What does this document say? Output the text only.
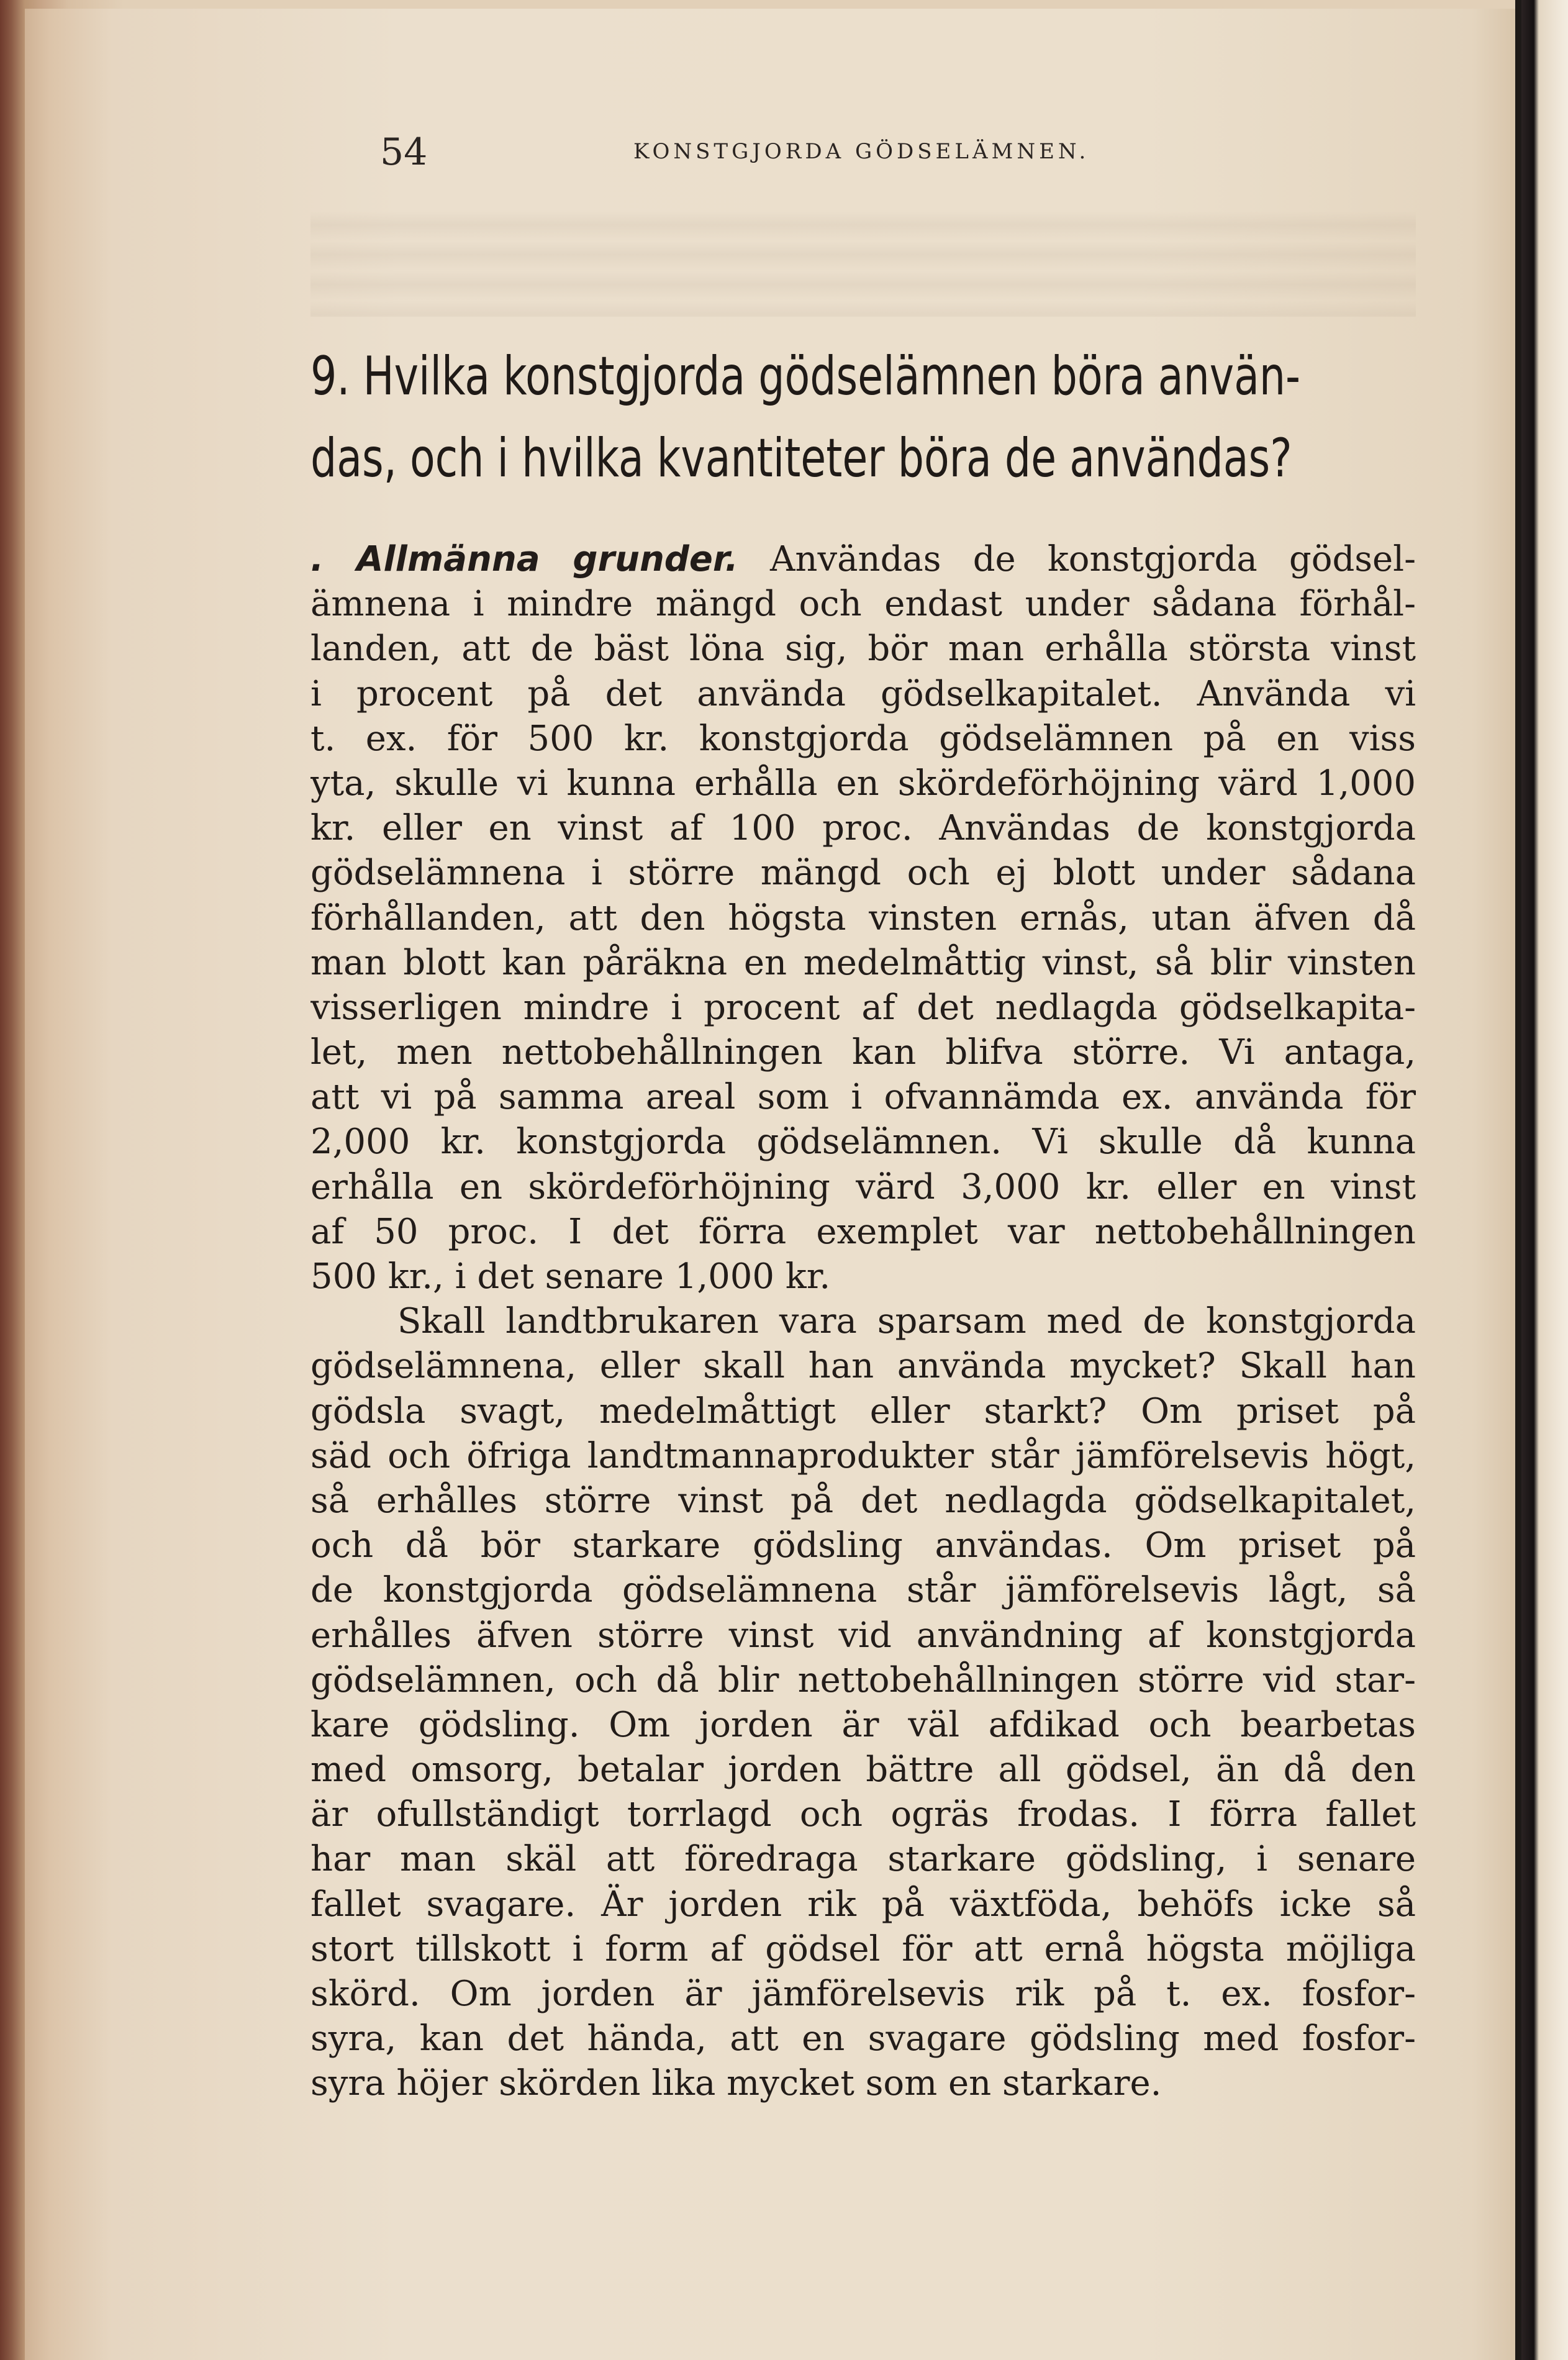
54	KONSTGJORDA GÖDSELÄMNEN.
9. Hvilka konstgjorda gödselämnen böra använ-
das, och i hvilka kvantiteter böra de användas?
. Allmänna grunder. Användas de konstgjorda gödsel-
ämnena i mindre mängd och endast under sådana förhål-
landen, att de bäst löna sig, bör man erhålla största vinst
i procent på det använda gödselkapitalet. Använda vi
t. ex. för 500 kr. konstgjorda gödselämnen på en viss
yta, skulle vi kunna erhålla en skördeförhöjning värd 1,000
kr. eller en vinst af 100 proc. Användas de konstgjorda
gödselämnena i större mängd och ej blott under sådana
förhållanden, att den högsta vinsten ernås, utan äfven då
man blott kan påräkna en medelmåttig vinst, så blir vinsten
visserligen mindre i procent af det nedlagda gödselkapita-
let, men nettobehållningen kan blifva större. Vi antaga,
att vi på samma areal som i ofvannämda ex. använda för
2,000 kr. konstgjorda gödselämnen. Vi skulle då kunna
erhålla en skördeförhöjning värd 3,000 kr. eller en vinst
af 50 proc. I det förra exemplet var nettobehållningen
500 kr., i det senare 1,000 kr.
Skall landtbrukaren vara sparsam med de konstgjorda
gödselämnena, eller skall han använda mycket? Skall han
gödsla svagt, medelmåttigt eller starkt? Om priset på
säd och öfriga landtmannaprodukter står jämförelsevis högt,
så erhålles större vinst på det nedlagda gödselkapitalet,
och då bör starkare gödsling användas. Om priset på
de konstgjorda gödselämnena står jämförelsevis lågt, så
erhålles äfven större vinst vid användning af konstgjorda
gödselämnen, och då blir nettobehållningen större vid star-
kare gödsling. Om jorden är väl afdikad och bearbetas
med omsorg, betalar jorden bättre all gödsel, än då den
är ofullständigt torrlagd och ogräs frodas. I förra fallet
har man skäl att föredraga starkare gödsling, i senare
fallet svagare. Är jorden rik på växtföda, behöfs icke så
stort tillskott i form af gödsel för att ernå högsta möjliga
skörd. Om jorden är jämförelsevis rik på t. ex. fosfor-
syra, kan det hända, att en svagare gödsling med fosfor-
syra höjer skörden lika mycket som en starkare.
